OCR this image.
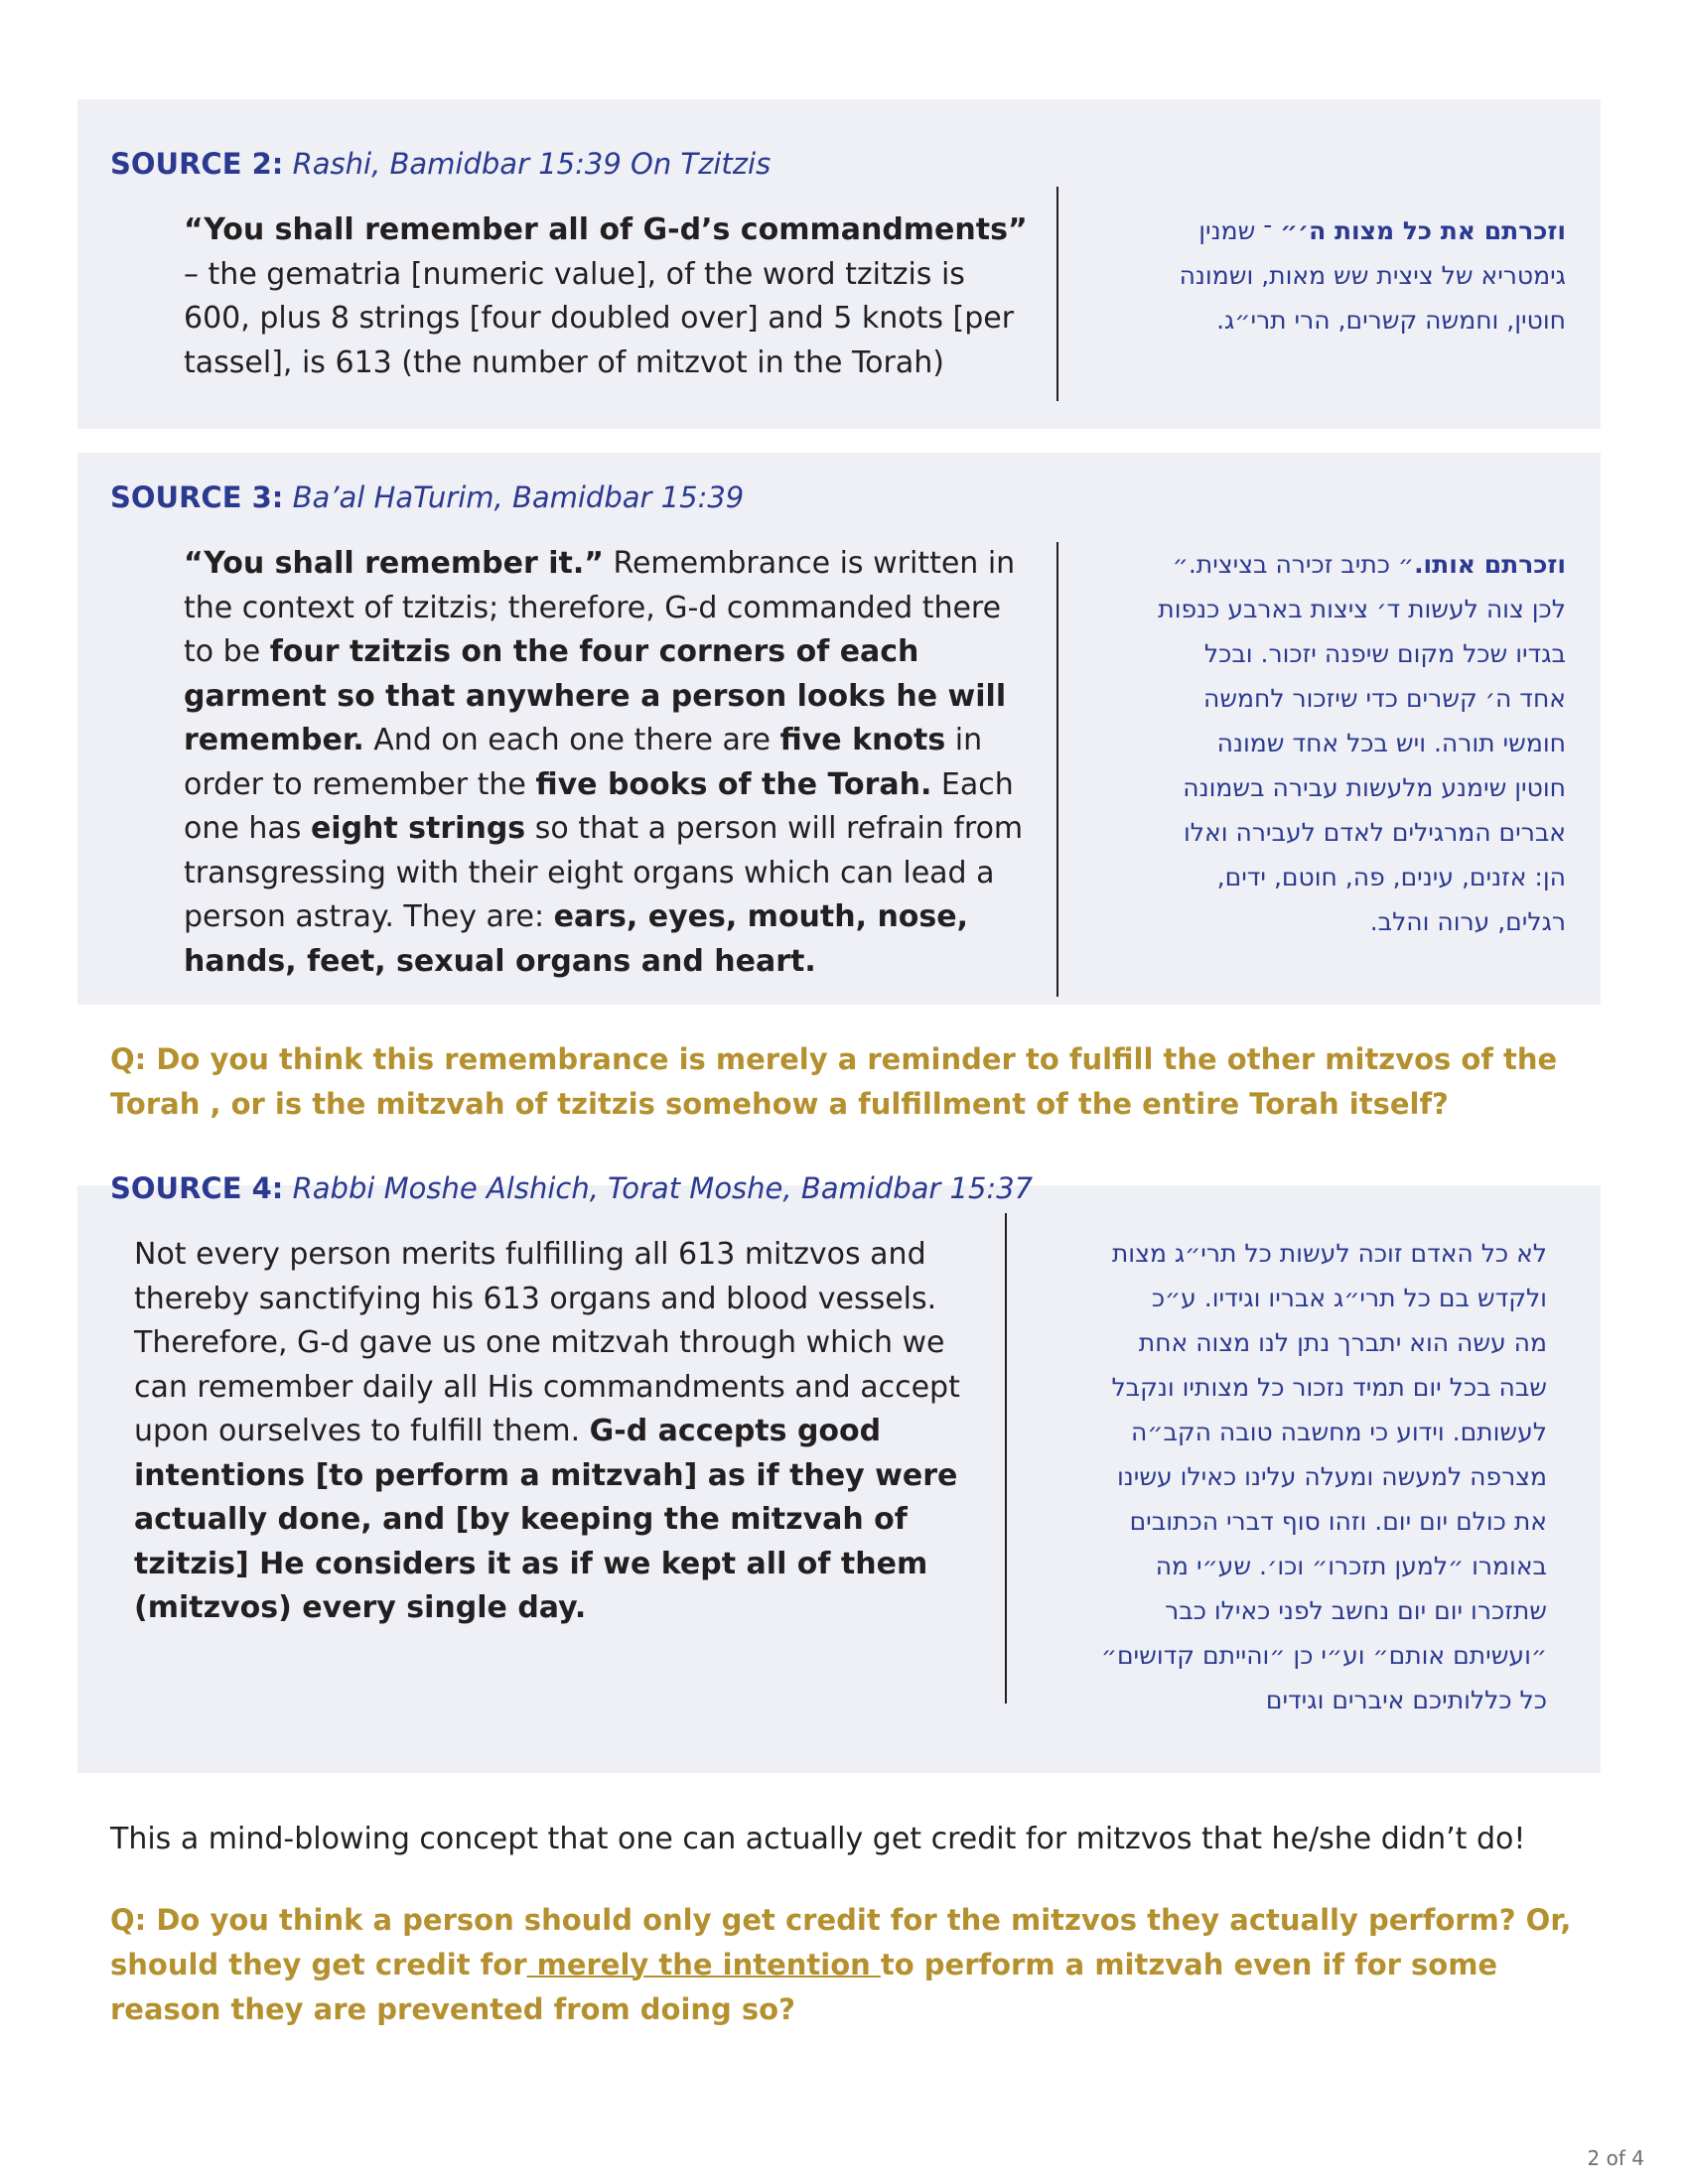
SOURCE 2: Rashi, Bamidbar 15:39 On Tzitzis
“You shall remember all of G-d’s commandments” – the gematria [numeric value], of the word tzitzis is 600, plus 8 strings [four doubled over] and 5 knots [per tassel], is 613 (the number of mitzvot in the Torah)
וזכרתם את כל מצות ה׳״ ־ שמנין
גימטריא של ציצית שש מאות, ושמונה
חוטין, וחמשה קשרים, הרי תרי״ג.
SOURCE 3: Ba’al HaTurim, Bamidbar 15:39
“You shall remember it.” Remembrance is written in the context of tzitzis; therefore, G-d commanded there to be four tzitzis on the four corners of each garment so that anywhere a person looks he will remember. And on each one there are five knots in order to remember the five books of the Torah. Each one has eight strings so that a person will refrain from transgressing with their eight organs which can lead a person astray. They are: ears, eyes, mouth, nose, hands, feet, sexual organs and heart.
וזכרתם אותו.״ כתיב זכירה בציצית.״
לכן צוה לעשות ד׳ ציצות בארבע כנפות
בגדיו שכל מקום שיפנה יזכור. ובכל
אחד ה׳ קשרים כדי שיזכור לחמשה
חומשי תורה. ויש בכל אחד שמונה
חוטין שימנע מלעשות עבירה בשמונה
אברים המרגילים לאדם לעבירה ואלו
הן: אזנים, עינים, פה, חוטם, ידים,
רגלים, ערוה והלב.
Q: Do you think this remembrance is merely a reminder to fulfill the other mitzvos of the Torah , or is the mitzvah of tzitzis somehow a fulfillment of the entire Torah itself?
SOURCE 4: Rabbi Moshe Alshich, Torat Moshe, Bamidbar 15:37
Not every person merits fulfilling all 613 mitzvos and thereby sanctifying his 613 organs and blood vessels. Therefore, G-d gave us one mitzvah through which we can remember daily all His commandments and accept upon ourselves to fulfill them. G-d accepts good intentions [to perform a mitzvah] as if they were actually done, and [by keeping the mitzvah of tzitzis] He considers it as if we kept all of them (mitzvos) every single day.
לא כל האדם זוכה לעשות כל תרי״ג מצות
ולקדש בם כל תרי״ג אבריו וגידיו. ע״כ
מה עשה הוא יתברך נתן לנו מצוה אחת
שבה בכל יום תמיד נזכור כל מצותיו ונקבל
לעשותם. וידוע כי מחשבה טובה הקב״ה
מצרפה למעשה ומעלה עלינו כאילו עשינו
את כולם יום יום. וזהו סוף דברי הכתובים
באומרו ״למען תזכרו״ וכו׳. שע״י מה
שתזכרו יום יום נחשב לפני כאילו כבר
״ועשיתם אותם״ וע״י כן ״והייתם קדושים״
כל כללותיכם איברים וגידים
This a mind-blowing concept that one can actually get credit for mitzvos that he/she didn’t do!
Q: Do you think a person should only get credit for the mitzvos they actually perform? Or, should they get credit for merely the intention to perform a mitzvah even if for some reason they are prevented from doing so?
2 of 4
